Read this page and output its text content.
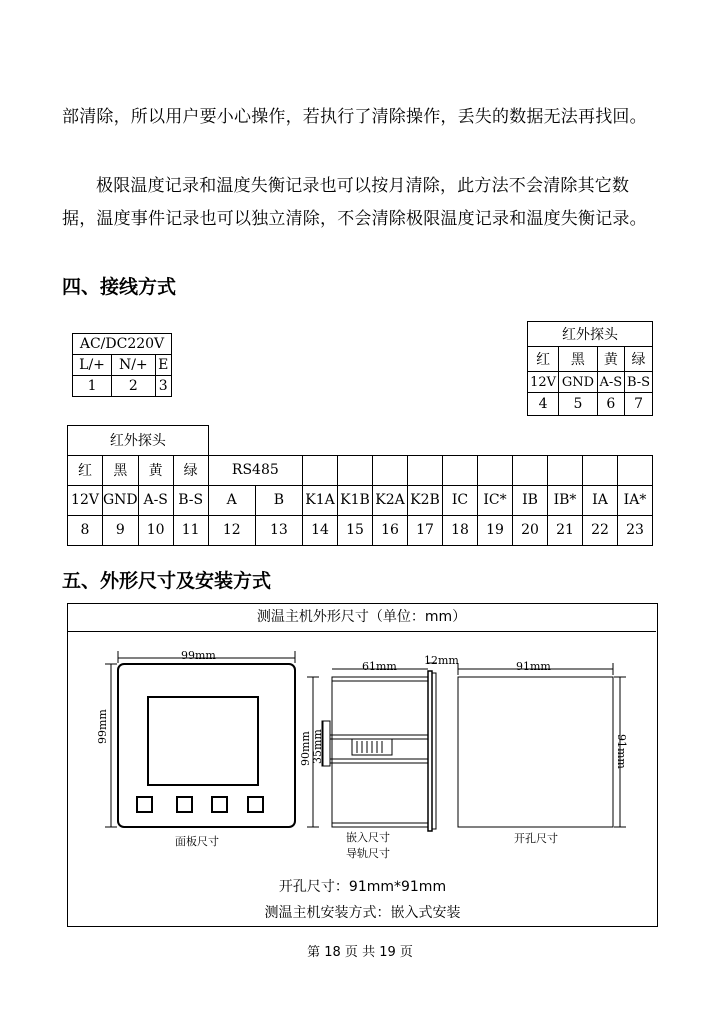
部清除，所以用户要小心操作，若执行了清除操作，丢失的数据无法再找回。
极限温度记录和温度失衡记录也可以按月清除，此方法不会清除其它数
据，温度事件记录也可以独立清除，不会清除极限温度记录和温度失衡记录。
四、接线方式
AC/DC220V		
L/+	N/+	E
1	2	3
红外探头			
红	黑	黄	绿
12V	GND	A-S	B-S
4	5	6	7
红外探头															
红	黑	黄	绿	RS485											
12V	GND	A-S	B-S	A	B	K1A	K1B	K2A	K2B	IC	IC*	IB	IB*	IA	IA*
8	9	10	11	12	13	14	15	16	17	18	19	20	21	22	23
五、外形尺寸及安装方式
测温主机外形尺寸（单位：mm）
99mm
99mm
61mm 12mm
90mm 35mm
91mm
91mm
面板尺寸	嵌入尺寸
导轨尺寸
开孔尺寸
开孔尺寸：91mm*91mm
测温主机安装方式：嵌入式安装
第 18 页 共 19 页
